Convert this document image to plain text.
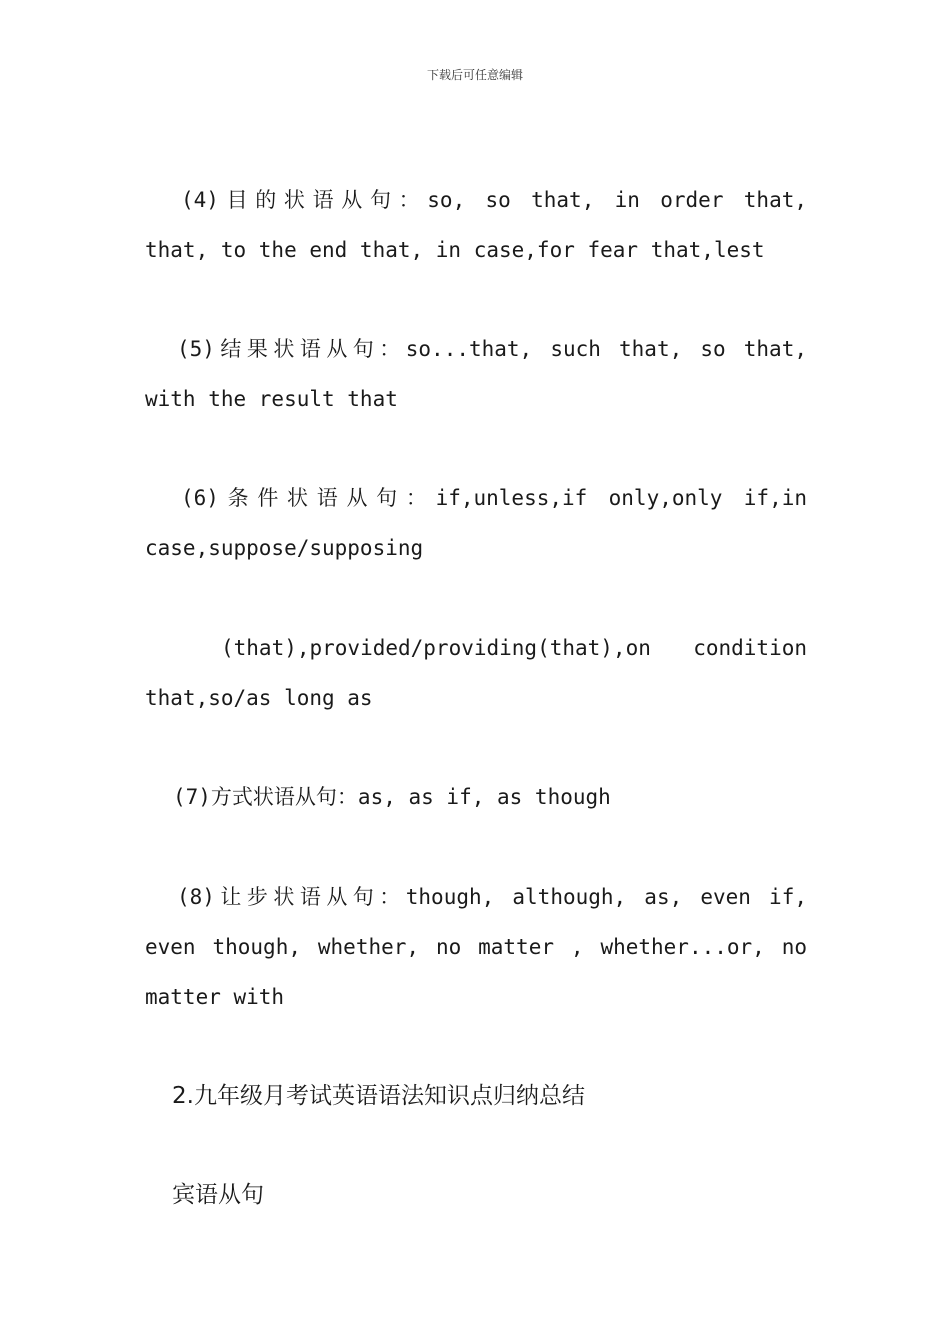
下载后可任意编辑
(4)目的状语从句：so, so that, in order that,
that, to the end that, in case,for fear that,lest
(5)结果状语从句：so...that, such that, so that,
with the result that
(6)条件状语从句：if,unless,if only,only if,in
case,suppose/supposing
(that),provided/providing(that),on condition
that,so/as long as
(7)方式状语从句：as, as if, as though
(8)让步状语从句：though, although, as, even if,
even though, whether, no matter , whether...or, no
matter with
2.九年级月考试英语语法知识点归纳总结
宾语从句
